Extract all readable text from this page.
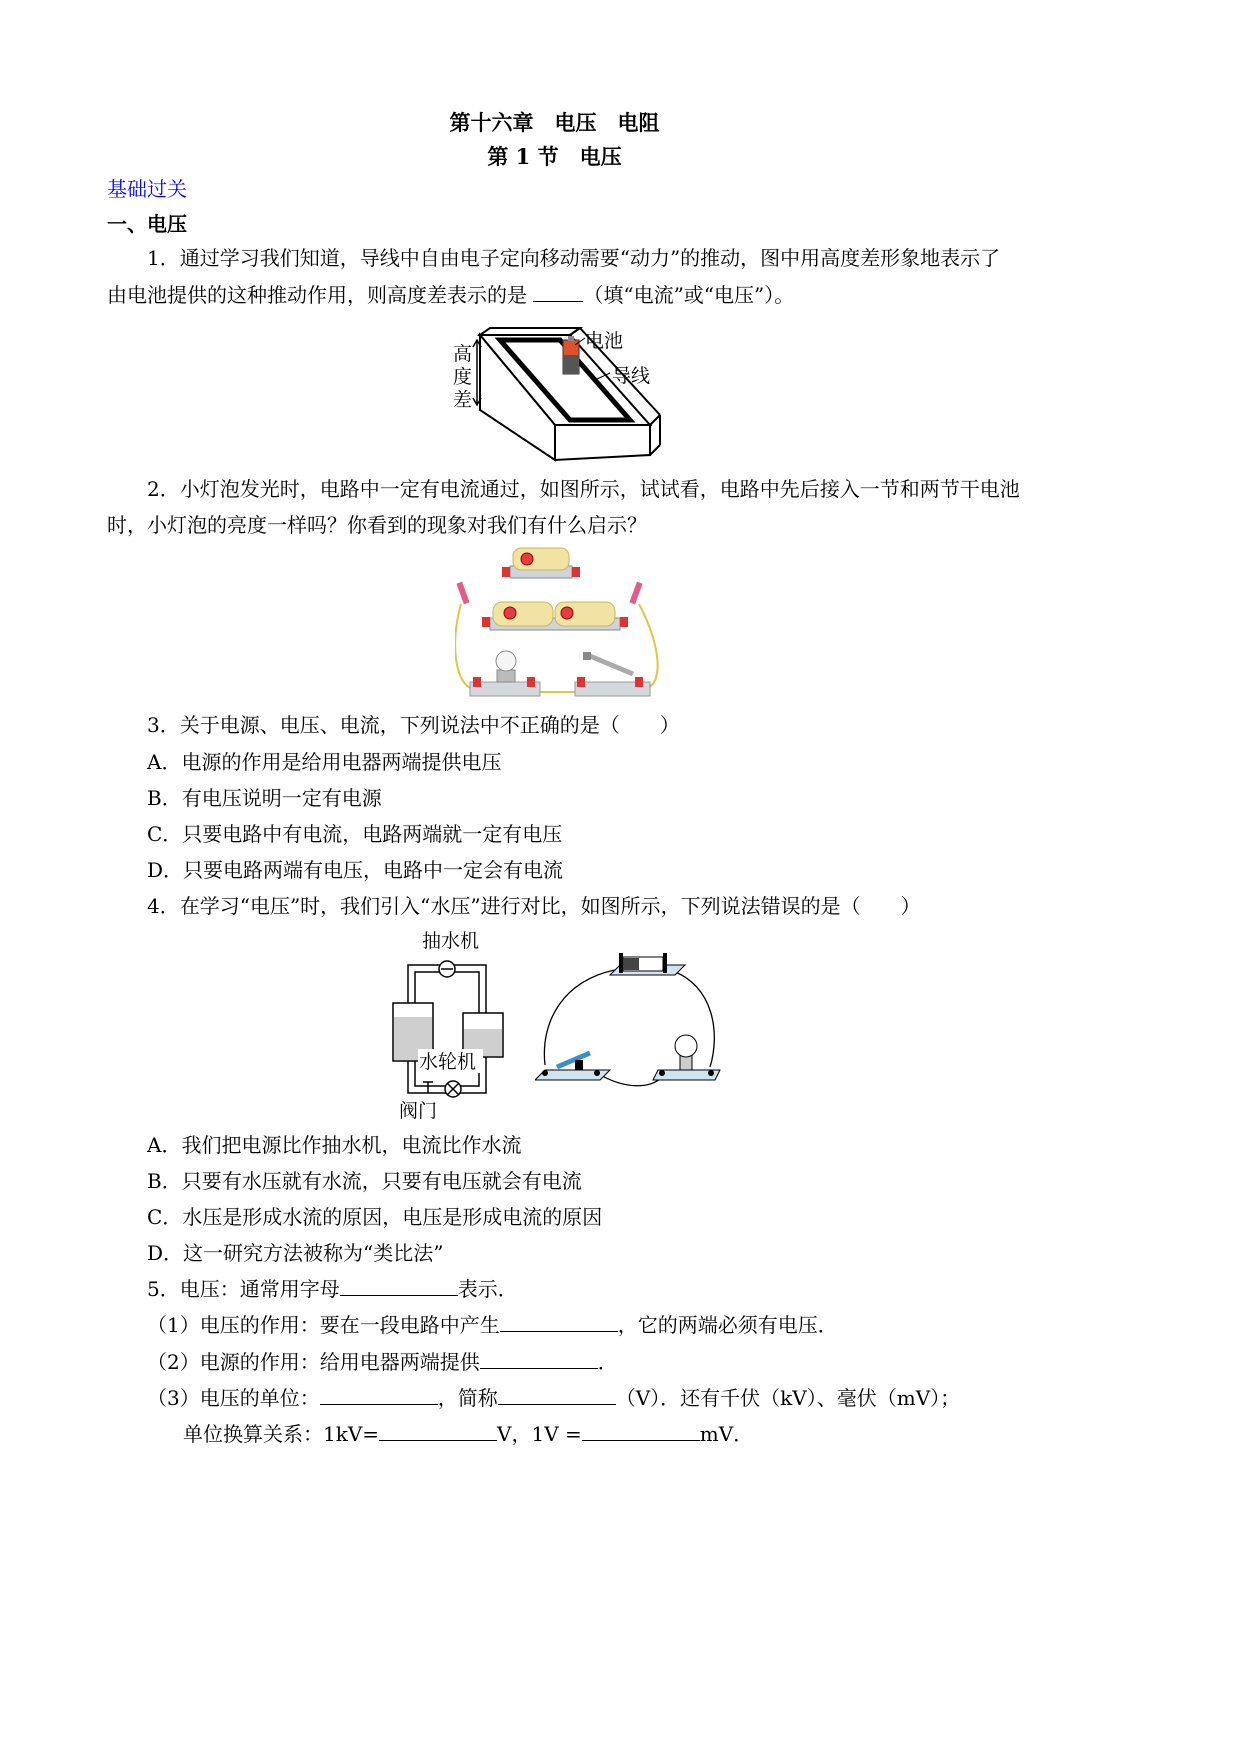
第十六章　电压　电阻
第 1 节　电压
基础过关
一、电压
1．通过学习我们知道，导线中自由电子定向移动需要“动力”的推动，图中用高度差形象地表示了
由电池提供的这种推动作用，则高度差表示的是	（填“电流”或“电压”）。
高
度
差
电池
导线
2．小灯泡发光时，电路中一定有电流通过，如图所示，试试看，电路中先后接入一节和两节干电池
时，小灯泡的亮度一样吗？你看到的现象对我们有什么启示？
3．关于电源、电压、电流，下列说法中不正确的是（　　）
A．电源的作用是给用电器两端提供电压
B．有电压说明一定有电源
C．只要电路中有电流，电路两端就一定有电压
D．只要电路两端有电压，电路中一定会有电流
4．在学习“电压”时，我们引入“水压”进行对比，如图所示，下列说法错误的是（　　）
抽水机
水轮机
阀门
A．我们把电源比作抽水机，电流比作水流
B．只要有水压就有水流，只要有电压就会有电流
C．水压是形成水流的原因，电压是形成电流的原因
D．这一研究方法被称为“类比法”
5．电压：通常用字母	表示．
（1）电压的作用：要在一段电路中产生	，它的两端必须有电压．
（2）电源的作用：给用电器两端提供	．
（3）电压的单位：	，简称	（V）．还有千伏（kV）、毫伏（mV）；
单位换算关系：1kV=	V，1V =	mV．
